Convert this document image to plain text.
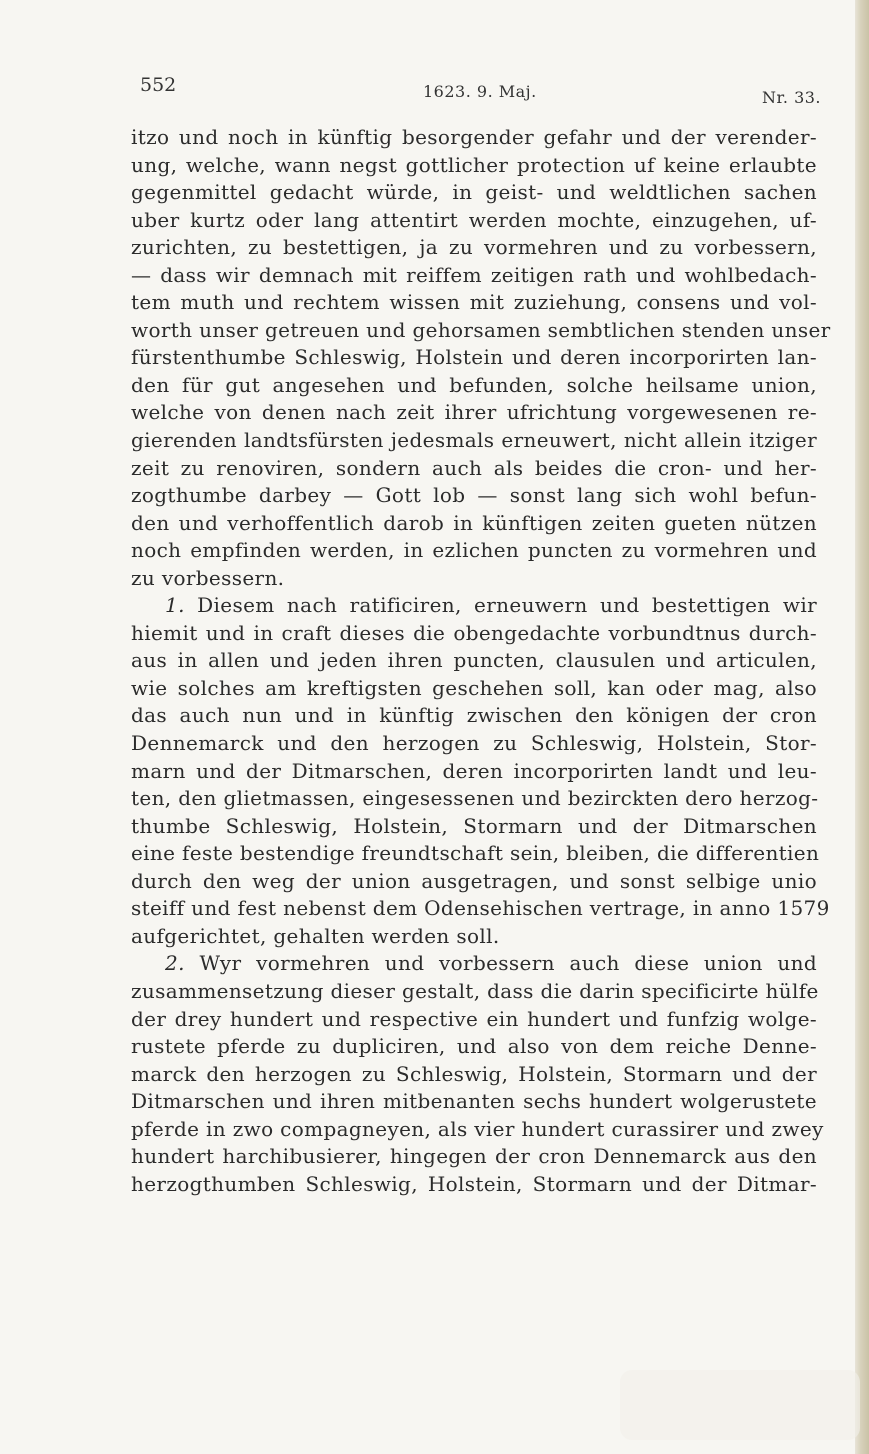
552	1623. 9. Maj.	Nr. 33.
itzo und noch in künftig besorgender gefahr und der verender-
ung, welche, wann negst gottlicher protection uf keine erlaubte
gegenmittel gedacht würde, in geist- und weldtlichen sachen
uber kurtz oder lang attentirt werden mochte, einzugehen, uf-
zurichten, zu bestettigen, ja zu vormehren und zu vorbessern,
— dass wir demnach mit reiffem zeitigen rath und wohlbedach-
tem muth und rechtem wissen mit zuziehung, consens und vol-
worth unser getreuen und gehorsamen sembtlichen stenden unser
fürstenthumbe Schleswig, Holstein und deren incorporirten lan-
den für gut angesehen und befunden, solche heilsame union,
welche von denen nach zeit ihrer ufrichtung vorgewesenen re-
gierenden landtsfürsten jedesmals erneuwert, nicht allein itziger
zeit zu renoviren, sondern auch als beides die cron- und her-
zogthumbe darbey — Gott lob — sonst lang sich wohl befun-
den und verhoffentlich darob in künftigen zeiten gueten nützen
noch empfinden werden, in ezlichen puncten zu vormehren und
zu vorbessern.
1. Diesem nach ratificiren, erneuwern und bestettigen wir
hiemit und in craft dieses die obengedachte vorbundtnus durch-
aus in allen und jeden ihren puncten, clausulen und articulen,
wie solches am kreftigsten geschehen soll, kan oder mag, also
das auch nun und in künftig zwischen den königen der cron
Dennemarck und den herzogen zu Schleswig, Holstein, Stor-
marn und der Ditmarschen, deren incorporirten landt und leu-
ten, den glietmassen, eingesessenen und bezirckten dero herzog-
thumbe Schleswig, Holstein, Stormarn und der Ditmarschen
eine feste bestendige freundtschaft sein, bleiben, die differentien
durch den weg der union ausgetragen, und sonst selbige unio
steiff und fest nebenst dem Odensehischen vertrage, in anno 1579
aufgerichtet, gehalten werden soll.
2. Wyr vormehren und vorbessern auch diese union und
zusammensetzung dieser gestalt, dass die darin specificirte hülfe
der drey hundert und respective ein hundert und funfzig wolge-
rustete pferde zu dupliciren, und also von dem reiche Denne-
marck den herzogen zu Schleswig, Holstein, Stormarn und der
Ditmarschen und ihren mitbenanten sechs hundert wolgerustete
pferde in zwo compagneyen, als vier hundert curassirer und zwey
hundert harchibusierer, hingegen der cron Dennemarck aus den
herzogthumben Schleswig, Holstein, Stormarn und der Ditmar-
